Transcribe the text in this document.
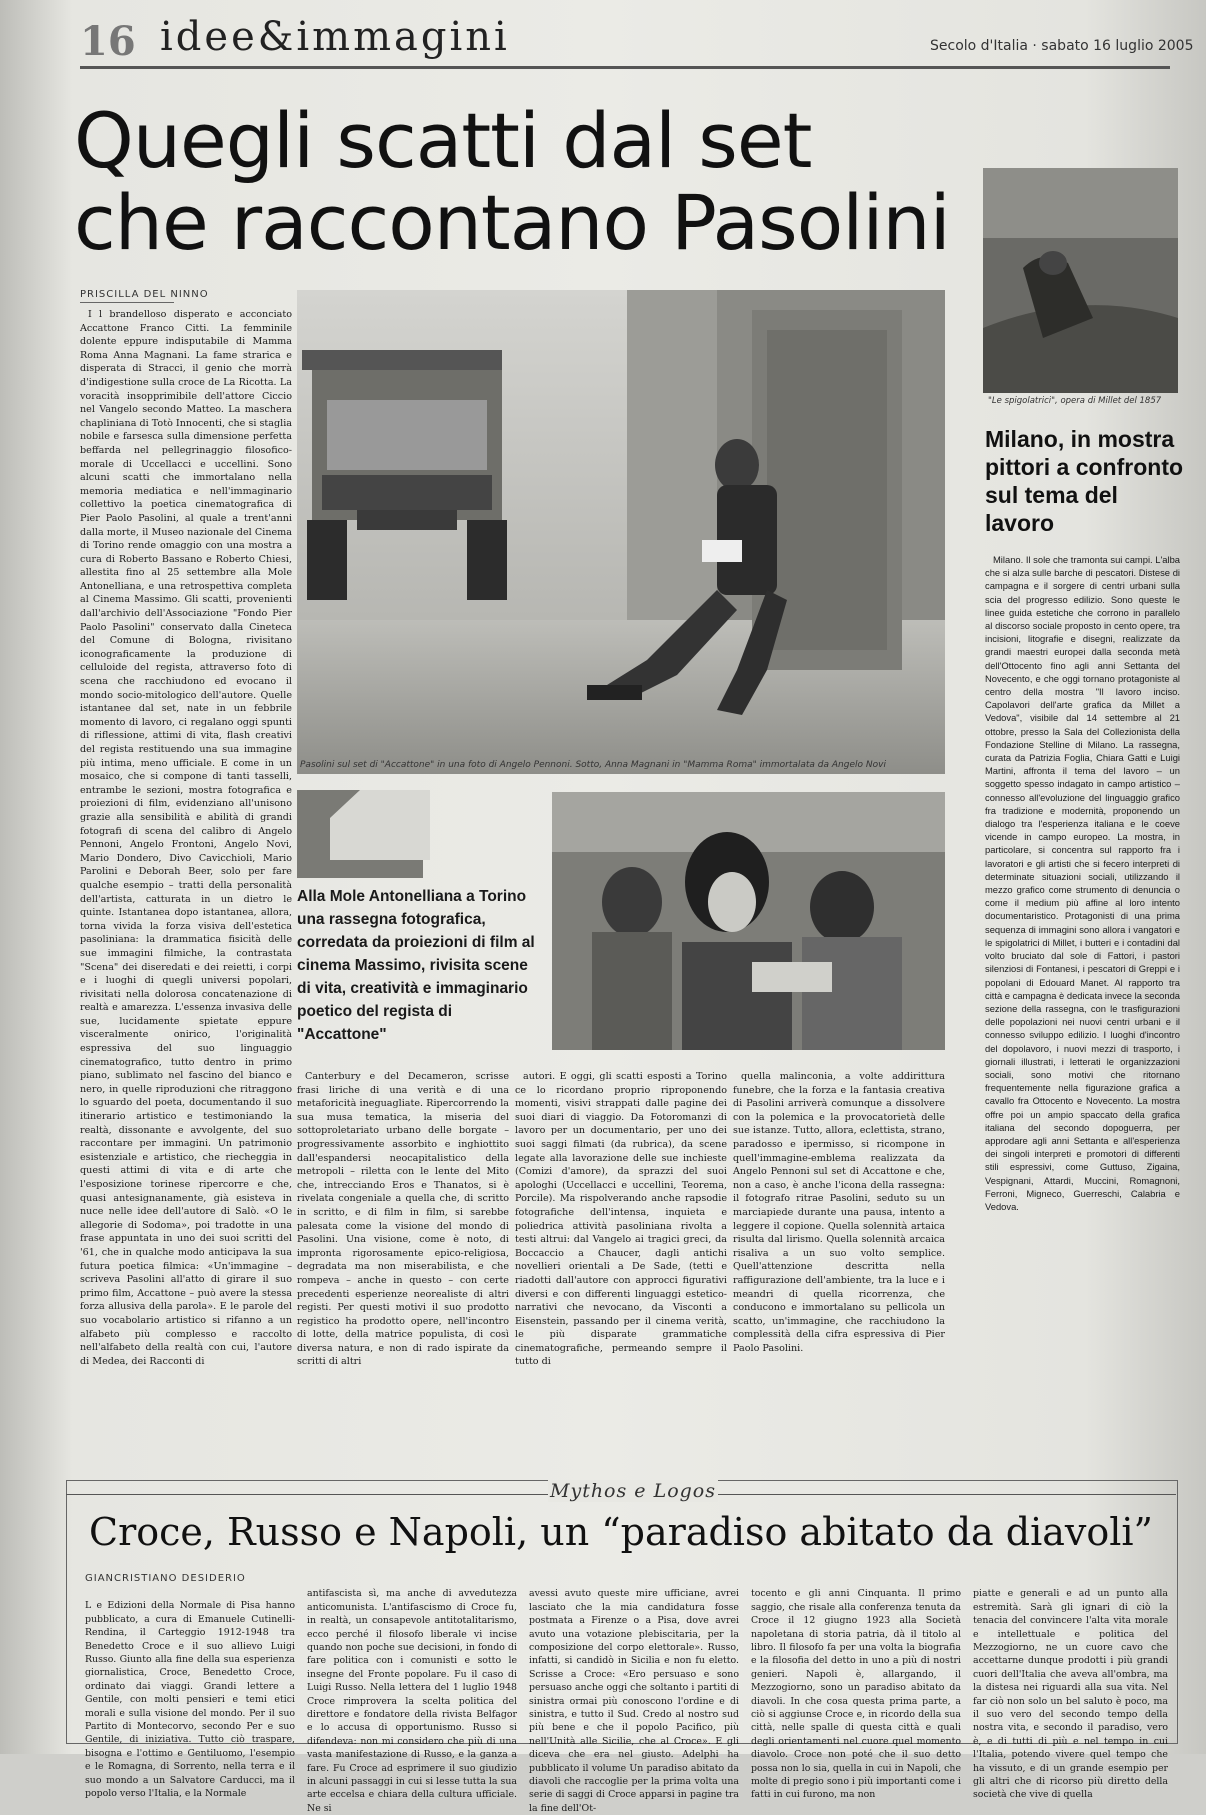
16 idee&immagini	Secolo d'Italia · sabato 16 luglio 2005
Quegli scatti dal set
che raccontano Pasolini
PRISCILLA DEL NINNO

I l brandelloso disperato e acconciato Accattone Franco Citti. La femminile dolente eppure indisputabile di Mamma Roma Anna Magnani. La fame strarica e disperata di Stracci, il genio che morrà d'indigestione sulla croce de La Ricotta. La voracità insopprimibile dell'attore Ciccio nel Vangelo secondo Matteo. La maschera chapliniana di Totò Innocenti, che si staglia nobile e farsesca sulla dimensione perfetta beffarda nel pellegrinaggio filosofico-morale di Uccellacci e uccellini. Sono alcuni scatti che immortalano nella memoria mediatica e nell'immaginario collettivo la poetica cinematografica di Pier Paolo Pasolini, al quale a trent'anni dalla morte, il Museo nazionale del Cinema di Torino rende omaggio con una mostra a cura di Roberto Bassano e Roberto Chiesi, allestita fino al 25 settembre alla Mole Antonelliana, e una retrospettiva completa al Cinema Massimo. Gli scatti, provenienti dall'archivio dell'Associazione "Fondo Pier Paolo Pasolini" conservato dalla Cineteca del Comune di Bologna, rivisitano iconograficamente la produzione di celluloide del regista, attraverso foto di scena che racchiudono ed evocano il mondo socio-mitologico dell'autore. Quelle istantanee dal set, nate in un febbrile momento di lavoro, ci regalano oggi spunti di riflessione, attimi di vita, flash creativi del regista restituendo una sua immagine più intima, meno ufficiale. E come in un mosaico, che si compone di tanti tasselli, entrambe le sezioni, mostra fotografica e proiezioni di film, evidenziano all'unisono grazie alla sensibilità e abilità di grandi fotografi di scena del calibro di Angelo Pennoni, Angelo Frontoni, Angelo Novi, Mario Dondero, Divo Cavicchioli, Mario Parolini e Deborah Beer, solo per fare qualche esempio – tratti della personalità dell'artista, catturata in un dietro le quinte. Istantanea dopo istantanea, allora, torna vivida la forza visiva dell'estetica pasoliniana: la drammatica fisicità delle sue immagini filmiche, la contrastata "Scena" dei diseredati e dei reietti, i corpi e i luoghi di quegli universi popolari, rivisitati nella dolorosa concatenazione di realtà e amarezza. L'essenza invasiva delle sue, lucidamente spietate eppure visceralmente onirico, l'originalità espressiva del suo linguaggio cinematografico, tutto dentro in primo piano, sublimato nel fascino del bianco e nero, in quelle riproduzioni che ritraggono lo sguardo del poeta, documentando il suo itinerario artistico e testimoniando la realtà, dissonante e avvolgente, del suo raccontare per immagini. Un patrimonio esistenziale e artistico, che riecheggia in questi attimi di vita e di arte che l'esposizione torinese ripercorre e che, quasi antesignanamente, già esisteva in nuce nelle idee dell'autore di Salò. «O le allegorie di Sodoma», poi tradotte in una frase appuntata in uno dei suoi scritti del '61, che in qualche modo anticipava la sua futura poetica filmica: «Un'immagine – scriveva Pasolini all'atto di girare il suo primo film, Accattone – può avere la stessa forza allusiva della parola». E le parole del suo vocabolario artistico si rifanno a un alfabeto più complesso e raccolto nell'alfabeto della realtà con cui, l'autore di Medea, dei Racconti di

Pasolini sul set di "Accattone" in una foto di Angelo Pennoni. Sotto, Anna Magnani in "Mamma Roma" immortalata da Angelo Novi
Alla Mole Antonelliana a Torino una rassegna fotografica, corredata da proiezioni di film al cinema Massimo, rivisita scene di vita, creatività e immaginario poetico del regista di "Accattone"

Canterbury e del Decameron, scrisse frasi liriche di una verità e di una metaforicità ineguagliate. Ripercorrendo la sua musa tematica, la miseria del sottoproletariato urbano delle borgate – progressivamente assorbito e inghiottito dall'espandersi neocapitalistico della metropoli – riletta con le lente del Mito che, intrecciando Eros e Thanatos, si è rivelata congeniale a quella che, di scritto in scritto, e di film in film, si sarebbe palesata come la visione del mondo di Pasolini. Una visione, come è noto, di impronta rigorosamente epico-religiosa, degradata ma non miserabilista, e che rompeva – anche in questo – con certe precedenti esperienze neorealiste di altri registi. Per questi motivi il suo prodotto registico ha prodotto opere, nell'incontro di lotte, della matrice populista, di così diversa natura, e non di rado ispirate da scritti di altri

autori. E oggi, gli scatti esposti a Torino ce lo ricordano proprio riproponendo momenti, visivi strappati dalle pagine dei suoi diari di viaggio. Da Fotoromanzi di lavoro per un documentario, per uno dei suoi saggi filmati (da rubrica), da scene legate alla lavorazione delle sue inchieste (Comizi d'amore), da sprazzi del suoi apologhi (Uccellacci e uccellini, Teorema, Porcile). Ma rispolverando anche rapsodie fotografiche dell'intensa, inquieta e poliedrica attività pasoliniana rivolta a testi altrui: dal Vangelo ai tragici greci, da Boccaccio a Chaucer, dagli antichi novellieri orientali a De Sade, (tetti e riadotti dall'autore con approcci figurativi diversi e con differenti linguaggi estetico-narrativi che nevocano, da Visconti a Eisenstein, passando per il cinema verità, le più disparate grammatiche cinematografiche, permeando sempre il tutto di

quella malinconia, a volte addirittura funebre, che la forza e la fantasia creativa di Pasolini arriverà comunque a dissolvere con la polemica e la provocatorietà delle sue istanze. Tutto, allora, eclettista, strano, paradosso e ipermisso, si ricompone in quell'immagine-emblema realizzata da Angelo Pennoni sul set di Accattone e che, non a caso, è anche l'icona della rassegna: il fotografo ritrae Pasolini, seduto su un marciapiede durante una pausa, intento a leggere il copione. Quella solennità artaica risulta dal lirismo. Quella solennità arcaica risaliva a un suo volto semplice. Quell'attenzione descritta nella raffigurazione dell'ambiente, tra la luce e i meandri di quella ricorrenza, che conducono e immortalano su pellicola un scatto, un'immagine, che racchiudono la complessità della cifra espressiva di Pier Paolo Pasolini.

"Le spigolatrici", opera di Millet del 1857
Milano, in mostra pittori a confronto sul tema del lavoro

Milano. Il sole che tramonta sui campi. L'alba che si alza sulle barche di pescatori. Distese di campagna e il sorgere di centri urbani sulla scia del progresso edilizio. Sono queste le linee guida estetiche che corrono in parallelo al discorso sociale proposto in cento opere, tra incisioni, litografie e disegni, realizzate da grandi maestri europei dalla seconda metà dell'Ottocento fino agli anni Settanta del Novecento, e che oggi tornano protagoniste al centro della mostra "Il lavoro inciso. Capolavori dell'arte grafica da Millet a Vedova", visibile dal 14 settembre al 21 ottobre, presso la Sala del Collezionista della Fondazione Stelline di Milano. La rassegna, curata da Patrizia Foglia, Chiara Gatti e Luigi Martini, affronta il tema del lavoro – un soggetto spesso indagato in campo artistico – connesso all'evoluzione del linguaggio grafico fra tradizione e modernità, proponendo un dialogo tra l'esperienza italiana e le coeve vicende in campo europeo. La mostra, in particolare, si concentra sul rapporto fra i lavoratori e gli artisti che si fecero interpreti di determinate situazioni sociali, utilizzando il mezzo grafico come strumento di denuncia o come il medium più affine al loro intento documentaristico. Protagonisti di una prima sequenza di immagini sono allora i vangatori e le spigolatrici di Millet, i butteri e i contadini dal volto bruciato dal sole di Fattori, i pastori silenziosi di Fontanesi, i pescatori di Greppi e i popolani di Edouard Manet. Al rapporto tra città e campagna è dedicata invece la seconda sezione della rassegna, con le trasfigurazioni delle popolazioni nei nuovi centri urbani e il connesso sviluppo edilizio. I luoghi d'incontro del dopolavoro, i nuovi mezzi di trasporto, i giornali illustrati, i letterati le organizzazioni sociali, sono motivi che ritornano frequentemente nella figurazione grafica a cavallo fra Ottocento e Novecento. La mostra offre poi un ampio spaccato della grafica italiana del secondo dopoguerra, per approdare agli anni Settanta e all'esperienza dei singoli interpreti e promotori di differenti stili espressivi, come Guttuso, Zigaina, Vespignani, Attardi, Muccini, Romagnoni, Ferroni, Migneco, Guerreschi, Calabria e Vedova.

Mythos e Logos
Croce, Russo e Napoli, un “paradiso abitato da diavoli”
GIANCRISTIANO DESIDERIO

L e Edizioni della Normale di Pisa hanno pubblicato, a cura di Emanuele Cutinelli-Rendina, il Carteggio 1912-1948 tra Benedetto Croce e il suo allievo Luigi Russo. Giunto alla fine della sua esperienza giornalistica, Croce, Benedetto Croce, ordinato dai viaggi. Grandi lettere a Gentile, con molti pensieri e temi etici morali e sulla visione del mondo. Per il suo Partito di Montecorvo, secondo Per e suo Gentile, di iniziativa. Tutto ciò traspare, bisogna e l'ottimo e Gentiluomo, l'esempio e le Romagna, di Sorrento, nella terra e il suo mondo a un Salvatore Carducci, ma il popolo verso l'Italia, e la Normale

antifascista sì, ma anche di avvedutezza anticomunista. L'antifascismo di Croce fu, in realtà, un consapevole antitotalitarismo, ecco perché il filosofo liberale vi incise quando non poche sue decisioni, in fondo di fare politica con i comunisti e sotto le insegne del Fronte popolare. Fu il caso di Luigi Russo. Nella lettera del 1 luglio 1948 Croce rimprovera la scelta politica del direttore e fondatore della rivista Belfagor e lo accusa di opportunismo. Russo si difendeva: non mi considero che più di una vasta manifestazione di Russo, e la ganza a fare. Fu Croce ad esprimere il suo giudizio in alcuni passaggi in cui si lesse tutta la sua arte eccelsa e chiara della cultura ufficiale. Ne si

avessi avuto queste mire ufficiane, avrei lasciato che la mia candidatura fosse postmata a Firenze o a Pisa, dove avrei avuto una votazione plebiscitaria, per la composizione del corpo elettorale». Russo, infatti, si candidò in Sicilia e non fu eletto. Scrisse a Croce: «Ero persuaso e sono persuaso anche oggi che soltanto i partiti di sinistra ormai più conoscono l'ordine e di sinistra, e tutto il Sud. Credo al nostro sud più bene e che il popolo Pacifico, più nell'Unità alle Sicilie, che al Croce». E gli diceva che era nel giusto. Adelphi ha pubblicato il volume Un paradiso abitato da diavoli che raccoglie per la prima volta una serie di saggi di Croce apparsi in pagine tra la fine dell'Ot-

tocento e gli anni Cinquanta. Il primo saggio, che risale alla conferenza tenuta da Croce il 12 giugno 1923 alla Società napoletana di storia patria, dà il titolo al libro. Il filosofo fa per una volta la biografia e la filosofia del detto in uno a più di nostri genieri. Napoli è, allargando, il Mezzogiorno, sono un paradiso abitato da diavoli. In che cosa questa prima parte, a ciò si aggiunse Croce e, in ricordo della sua città, nelle spalle di questa città e quali degli orientamenti nel cuore quel momento diavolo. Croce non poté che il suo detto possa non lo sia, quella in cui in Napoli, che molte di pregio sono i più importanti come i fatti in cui furono, ma non

piatte e generali e ad un punto alla estremità. Sarà gli ignari di ciò la tenacia del convincere l'alta vita morale e intellettuale e politica del Mezzogiorno, ne un cuore cavo che accettarne dunque prodotti i più grandi cuori dell'Italia che aveva all'ombra, ma la distesa nei riguardi alla sua vita. Nel far ciò non solo un bel saluto è poco, ma il suo vero del secondo tempo della nostra vita, e secondo il paradiso, vero è, e di tutti di più e nel tempo in cui l'Italia, potendo vivere quel tempo che ha vissuto, e di un grande esempio per gli altri che di ricorso più diretto della società che vive di quella
